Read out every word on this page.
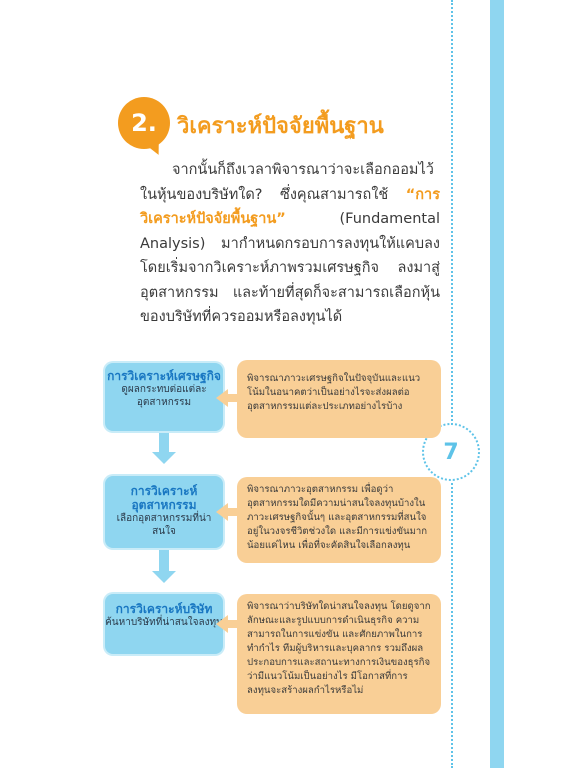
7
2. วิเคราะห์ปัจจัยพื้นฐาน
จากนั้นก็ถึงเวลาพิจารณาว่าจะเลือกออมไว้ในหุ้นของบริษัทใด? ซึ่งคุณสามารถใช้ “การวิเคราะห์ปัจจัยพื้นฐาน” (Fundamental Analysis) มากำหนดกรอบการลงทุนให้แคบลง โดยเริ่มจากวิเคราะห์ภาพรวมเศรษฐกิจ ลงมาสู่อุตสาหกรรม และท้ายที่สุดก็จะสามารถเลือกหุ้นของบริษัทที่ควรออมหรือลงทุนได้
การวิเคราะห์เศรษฐกิจ
ดูผลกระทบต่อแต่ละอุตสาหกรรม
พิจารณาภาวะเศรษฐกิจในปัจจุบันและแนวโน้มในอนาคตว่าเป็นอย่างไรจะส่งผลต่ออุตสาหกรรมแต่ละประเภทอย่างไรบ้าง
การวิเคราะห์อุตสาหกรรม
เลือกอุตสาหกรรมที่น่าสนใจ
พิจารณาภาวะอุตสาหกรรม เพื่อดูว่าอุตสาหกรรมใดมีความน่าสนใจลงทุนบ้างในภาวะเศรษฐกิจนั้นๆ และอุตสาหกรรมที่สนใจอยู่ในวงจรชีวิตช่วงใด และมีการแข่งขันมากน้อยแค่ไหน เพื่อที่จะคัดสินใจเลือกลงทุน
การวิเคราะห์บริษัท
ค้นหาบริษัทที่น่าสนใจลงทุน
พิจารณาว่าบริษัทใดน่าสนใจลงทุน โดยดูจากลักษณะและรูปแบบการดำเนินธุรกิจ ความสามารถในการแข่งขัน และศักยภาพในการทำกำไร ทีมผู้บริหารและบุคลากร รวมถึงผลประกอบการและสถานะทางการเงินของธุรกิจว่ามีแนวโน้มเป็นอย่างไร มีโอกาสที่การลงทุนจะสร้างผลกำไรหรือไม่
